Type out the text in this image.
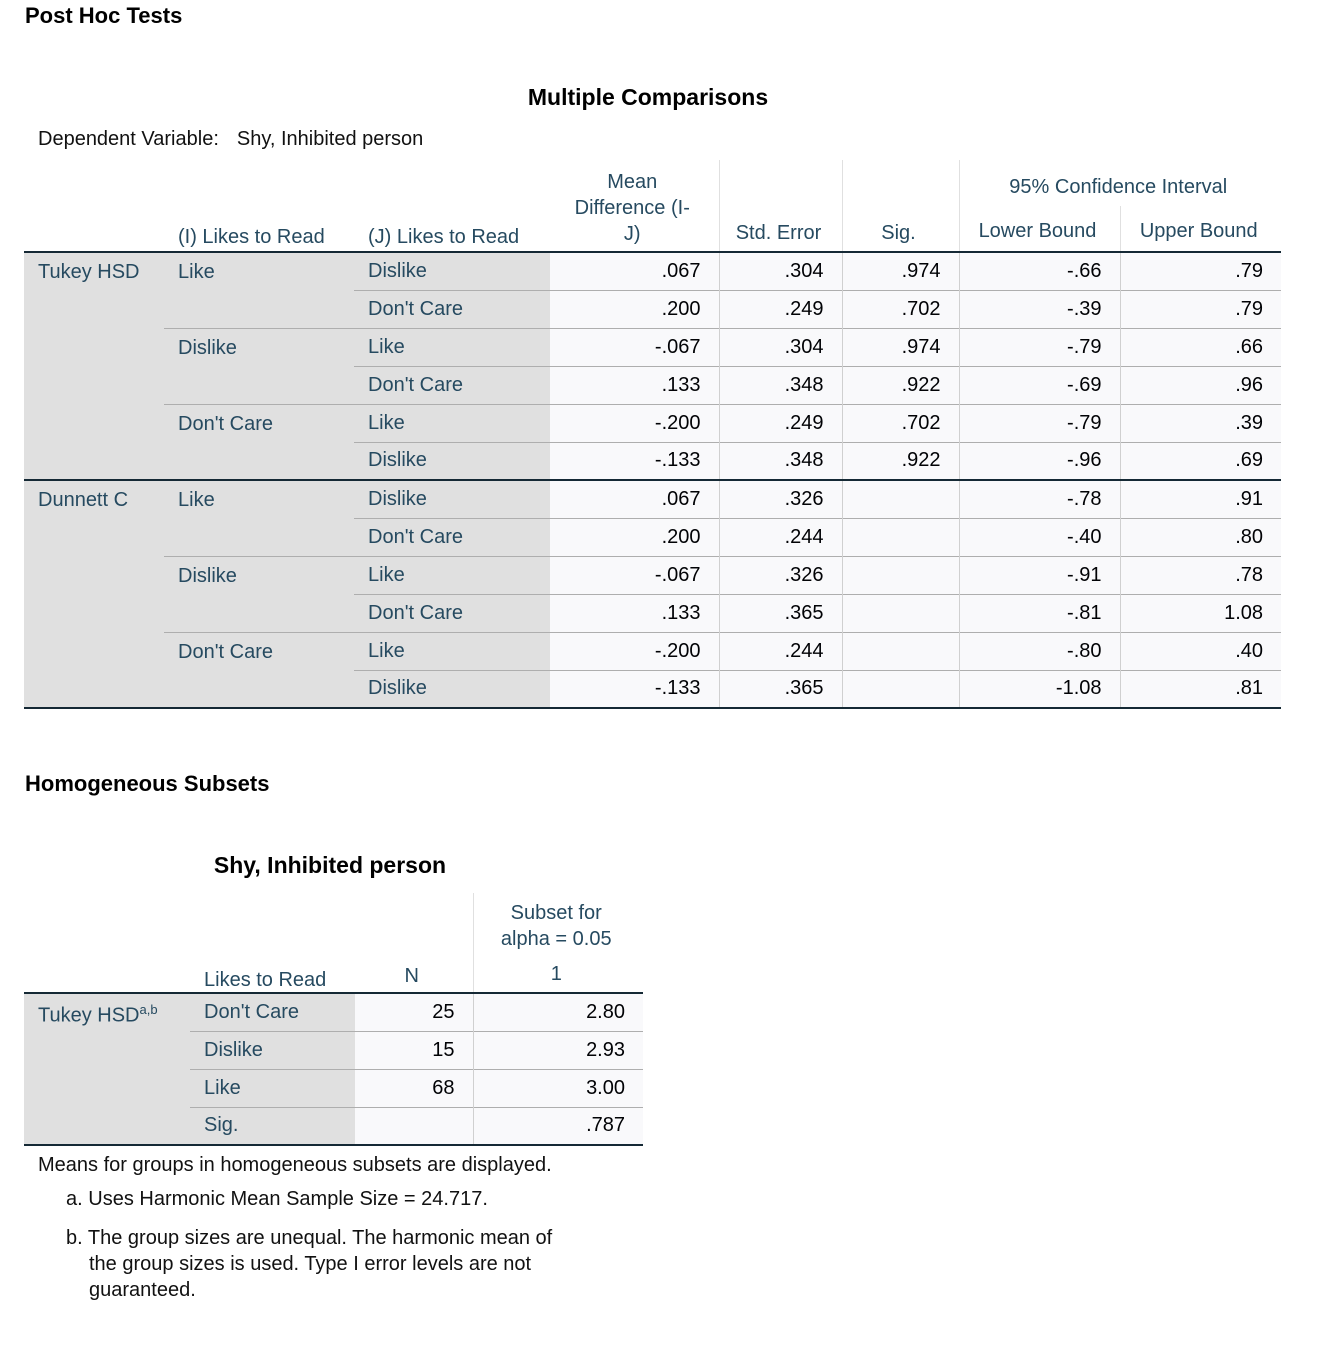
Post Hoc Tests
Multiple Comparisons
Dependent Variable: Shy, Inhibited person

			Mean
Difference (I-
J)	Std. Error	Sig.	95% Confidence Interval	
	(I) Likes to Read	(J) Likes to Read				Lower Bound	Upper Bound
Tukey HSD	Like	Dislike	.067	.304	.974	-.66	.79
		Don't Care	.200	.249	.702	-.39	.79
	Dislike	Like	-.067	.304	.974	-.79	.66
		Don't Care	.133	.348	.922	-.69	.96
	Don't Care	Like	-.200	.249	.702	-.79	.39
		Dislike	-.133	.348	.922	-.96	.69
Dunnett C	Like	Dislike	.067	.326		-.78	.91
		Don't Care	.200	.244		-.40	.80
	Dislike	Like	-.067	.326		-.91	.78
		Don't Care	.133	.365		-.81	1.08
	Don't Care	Like	-.200	.244		-.80	.40
		Dislike	-.133	.365		-1.08	.81
Homogeneous Subsets
Shy, Inhibited person

			Subset for
alpha = 0.05

	Likes to Read	N	1
Tukey HSD$^{a,b}$	Don't Care	25	2.80
	Dislike	15	2.93
	Like	68	3.00
	Sig.		.787
Means for groups in homogeneous subsets are displayed.
a. Uses Harmonic Mean Sample Size = 24.717.
b. The group sizes are unequal. The harmonic mean of
the group sizes is used. Type I error levels are not
guaranteed.
